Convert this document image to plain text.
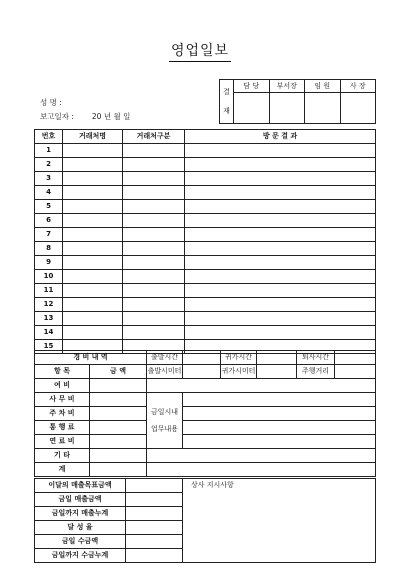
영업일보
성 명 :
보고일자 : 20 년 월 일
결
재	담 당	부서장	임 원	사 장

번호	거래처명	거래처구분	방 문 결 과
1			
2			
3			
4			
5			
6			
7			
8			
9			
10			
11			
12			
13			
14			
15			
경 비 내 역		출발시간		귀가시간		퇴사시간	
항 목	금 액	출발시미터		귀가시미터		주행거리	
여 비							
사 무 비		금일시내
업무내용					

주 차 비							
통 행 료							
연 료 비							
기 타							
계							
이달의 매출목표금액		상사 지시사항
금일 매출금액		
금일까지 매출누계		
달 성 율		
금일 수금액		
금일까지 수금누계		
